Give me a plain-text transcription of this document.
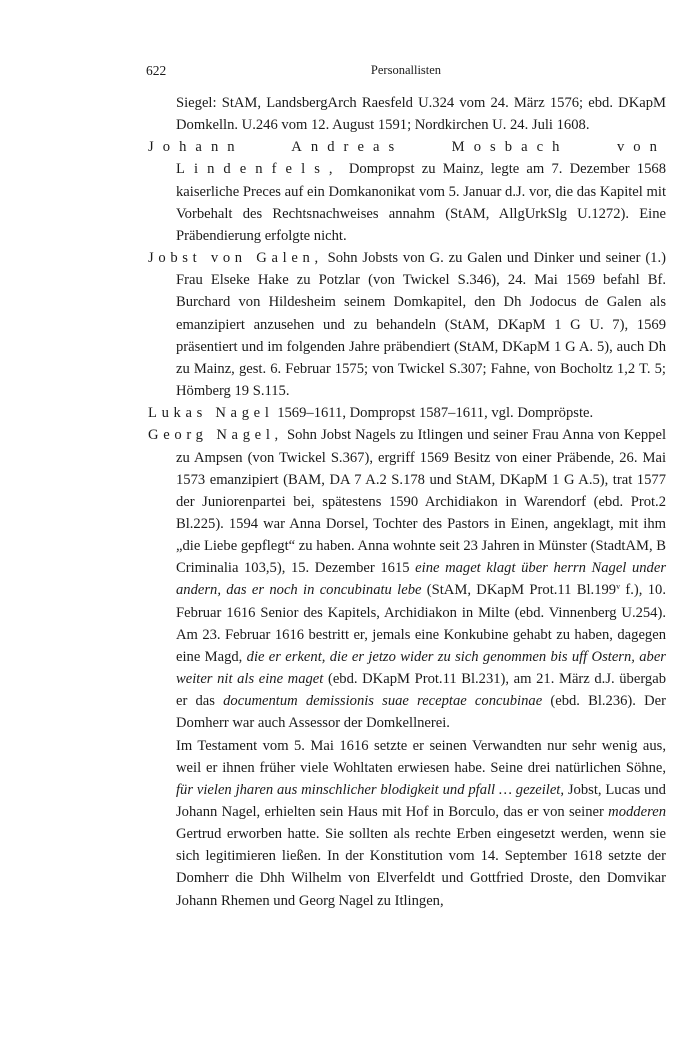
622	Personallisten

Siegel: StAM, LandsbergArch Raesfeld U.324 vom 24. März 1576; ebd. DKapM Domkelln. U.246 vom 12. August 1591; Nordkirchen U. 24. Juli 1608.

Johann Andreas Mosbach von Lindenfels, Dompropst zu Mainz, legte am 7. Dezember 1568 kaiserliche Preces auf ein Domkanonikat vom 5. Januar d.J. vor, die das Kapitel mit Vorbehalt des Rechtsnachweises annahm (StAM, AllgUrkSlg U.1272). Eine Präbendierung erfolgte nicht.

Jobst von Galen, Sohn Jobsts von G. zu Galen und Dinker und seiner (1.) Frau Elseke Hake zu Potzlar (von Twickel S.346), 24. Mai 1569 befahl Bf. Burchard von Hildesheim seinem Domkapitel, den Dh Jodocus de Galen als emanzipiert anzusehen und zu behandeln (StAM, DKapM 1 G U. 7), 1569 präsentiert und im folgenden Jahre präbendiert (StAM, DKapM 1 G A. 5), auch Dh zu Mainz, gest. 6. Februar 1575; von Twickel S.307; Fahne, von Bocholtz 1,2 T. 5; Hömberg 19 S.115.

Lukas Nagel 1569–1611, Dompropst 1587–1611, vgl. Dompröpste.

Georg Nagel, Sohn Jobst Nagels zu Itlingen und seiner Frau Anna von Keppel zu Ampsen (von Twickel S.367), ergriff 1569 Besitz von einer Präbende, 26. Mai 1573 emanzipiert (BAM, DA 7 A.2 S.178 und StAM, DKapM 1 G A.5), trat 1577 der Juniorenpartei bei, spätestens 1590 Archidiakon in Warendorf (ebd. Prot.2 Bl.225). 1594 war Anna Dorsel, Tochter des Pastors in Einen, angeklagt, mit ihm „die Liebe gepflegt“ zu haben. Anna wohnte seit 23 Jahren in Münster (StadtAM, B Criminalia 103,5), 15. Dezember 1615 eine maget klagt über herrn Nagel under andern, das er noch in concubinatu lebe (StAM, DKapM Prot.11 Bl.199$^v$ f.), 10. Februar 1616 Senior des Kapitels, Archidiakon in Milte (ebd. Vinnenberg U.254). Am 23. Februar 1616 bestritt er, jemals eine Konkubine gehabt zu haben, dagegen eine Magd, die er erkent, die er jetzo wider zu sich genommen bis uff Ostern, aber weiter nit als eine maget (ebd. DKapM Prot.11 Bl.231), am 21. März d.J. übergab er das documentum demissionis suae receptae concubinae (ebd. Bl.236). Der Domherr war auch Assessor der Domkellnerei.

Im Testament vom 5. Mai 1616 setzte er seinen Verwandten nur sehr wenig aus, weil er ihnen früher viele Wohltaten erwiesen habe. Seine drei natürlichen Söhne, für vielen jharen aus minschlicher blodigkeit und pfall … gezeilet, Jobst, Lucas und Johann Nagel, erhielten sein Haus mit Hof in Borculo, das er von seiner modderen Gertrud erworben hatte. Sie sollten als rechte Erben eingesetzt werden, wenn sie sich legitimieren ließen. In der Konstitution vom 14. September 1618 setzte der Domherr die Dhh Wilhelm von Elverfeldt und Gottfried Droste, den Domvikar Johann Rhemen und Georg Nagel zu Itlingen,
